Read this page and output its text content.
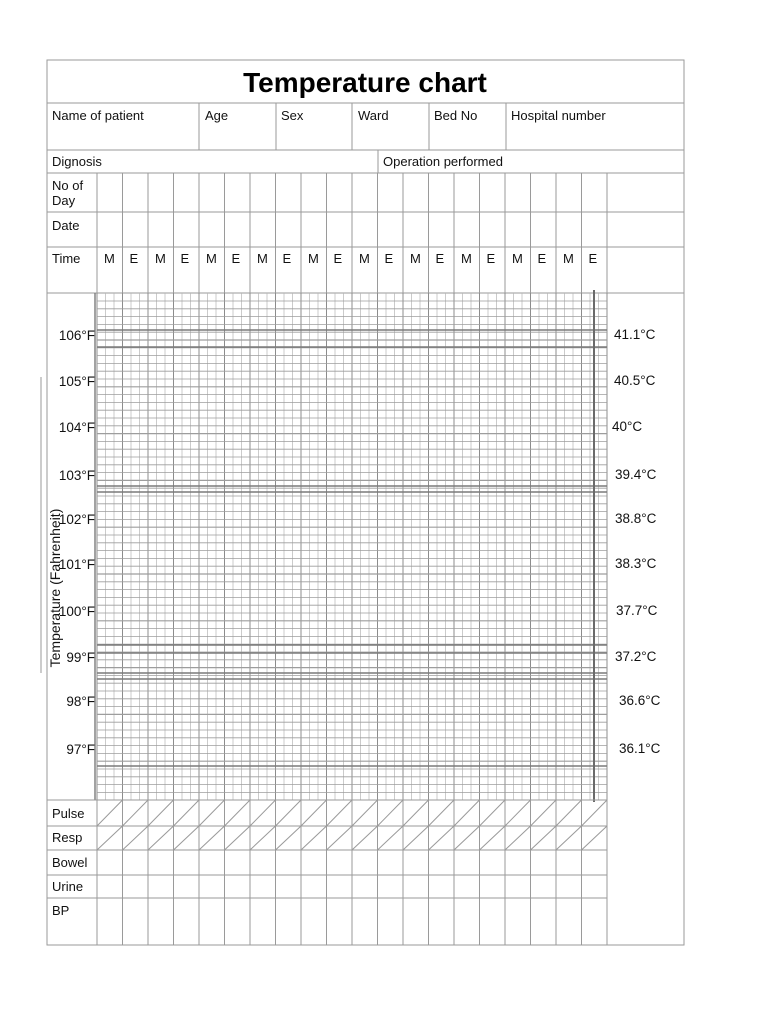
Temperature chart
Name of patient	Age	Sex	Ward	Bed No	Hospital number
Dignosis	Operation performed
No of
Day
Date
Time M E M E M E M E M E M E M E M E M E M E
106°F
105°F
104°F
103°F
102°F
101°F
100°F
99°F
98°F
97°F
41.1°C
40.5°C
40°C
39.4°C
38.8°C
38.3°C
37.7°C
37.2°C
36.6°C
36.1°C
Pulse
Resp
Bowel
Urine
BP
Temperature (Fahrenheit)
